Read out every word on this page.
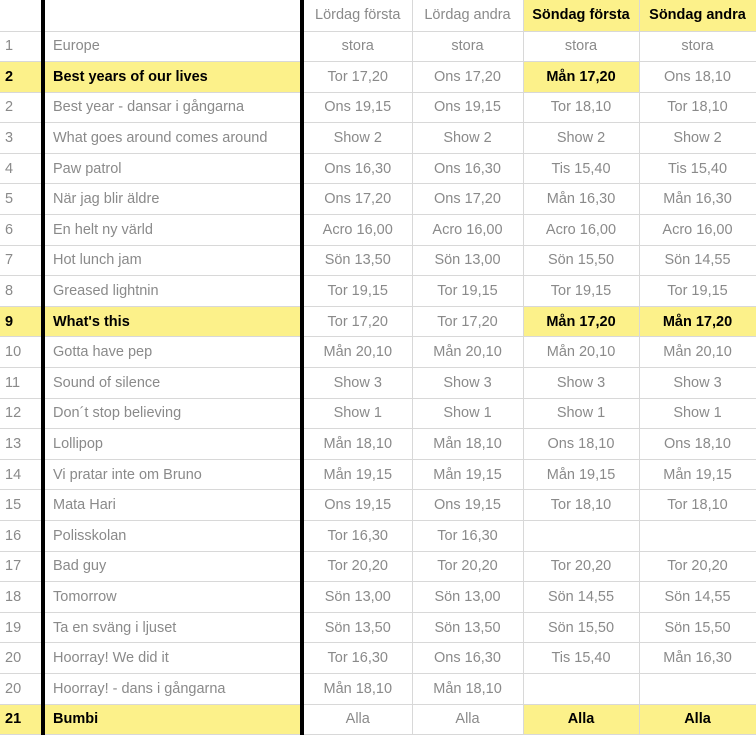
		Lördag första	Lördag andra	Söndag första	Söndag andra
1	Europe	stora	stora	stora	stora
2	Best years of our lives	Tor 17,20	Ons 17,20	Mån 17,20	Ons 18,10
2	Best year - dansar i gångarna	Ons 19,15	Ons 19,15	Tor 18,10	Tor 18,10
3	What goes around comes around	Show 2	Show 2	Show 2	Show 2
4	Paw patrol	Ons 16,30	Ons 16,30	Tis 15,40	Tis 15,40
5	När jag blir äldre	Ons 17,20	Ons 17,20	Mån 16,30	Mån 16,30
6	En helt ny värld	Acro 16,00	Acro 16,00	Acro 16,00	Acro 16,00
7	Hot lunch jam	Sön 13,50	Sön 13,00	Sön 15,50	Sön 14,55
8	Greased lightnin	Tor 19,15	Tor 19,15	Tor 19,15	Tor 19,15
9	What's this	Tor 17,20	Tor 17,20	Mån 17,20	Mån 17,20
10	Gotta have pep	Mån 20,10	Mån 20,10	Mån 20,10	Mån 20,10
11	Sound of silence	Show 3	Show 3	Show 3	Show 3
12	Don´t stop believing	Show 1	Show 1	Show 1	Show 1
13	Lollipop	Mån 18,10	Mån 18,10	Ons 18,10	Ons 18,10
14	Vi pratar inte om Bruno	Mån 19,15	Mån 19,15	Mån 19,15	Mån 19,15
15	Mata Hari	Ons 19,15	Ons 19,15	Tor 18,10	Tor 18,10
16	Polisskolan	Tor 16,30	Tor 16,30		
17	Bad guy	Tor 20,20	Tor 20,20	Tor 20,20	Tor 20,20
18	Tomorrow	Sön 13,00	Sön 13,00	Sön 14,55	Sön 14,55
19	Ta en sväng i ljuset	Sön 13,50	Sön 13,50	Sön 15,50	Sön 15,50
20	Hoorray! We did it	Tor 16,30	Ons 16,30	Tis 15,40	Mån 16,30
20	Hoorray! - dans i gångarna	Mån 18,10	Mån 18,10		
21	Bumbi	Alla	Alla	Alla	Alla
